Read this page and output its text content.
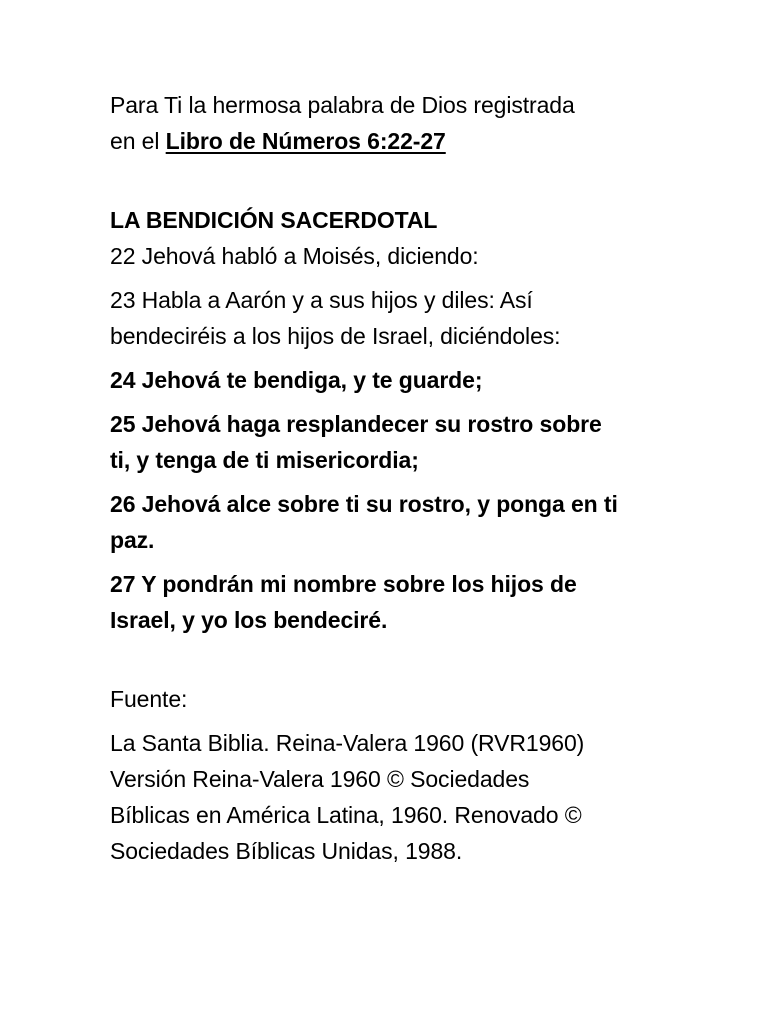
Para Ti la hermosa palabra de Dios registrada
en el Libro de Números 6:22-27

LA BENDICIÓN SACERDOTAL

22 Jehová habló a Moisés, diciendo:

23 Habla a Aarón y a sus hijos y diles: Así
bendeciréis a los hijos de Israel, diciéndoles:

24 Jehová te bendiga, y te guarde;

25 Jehová haga resplandecer su rostro sobre
ti, y tenga de ti misericordia;

26 Jehová alce sobre ti su rostro, y ponga en ti
paz.

27 Y pondrán mi nombre sobre los hijos de
Israel, y yo los bendeciré.

Fuente:

La Santa Biblia. Reina-Valera 1960 (RVR1960)
Versión Reina-Valera 1960 © Sociedades
Bíblicas en América Latina, 1960. Renovado ©
Sociedades Bíblicas Unidas, 1988.
